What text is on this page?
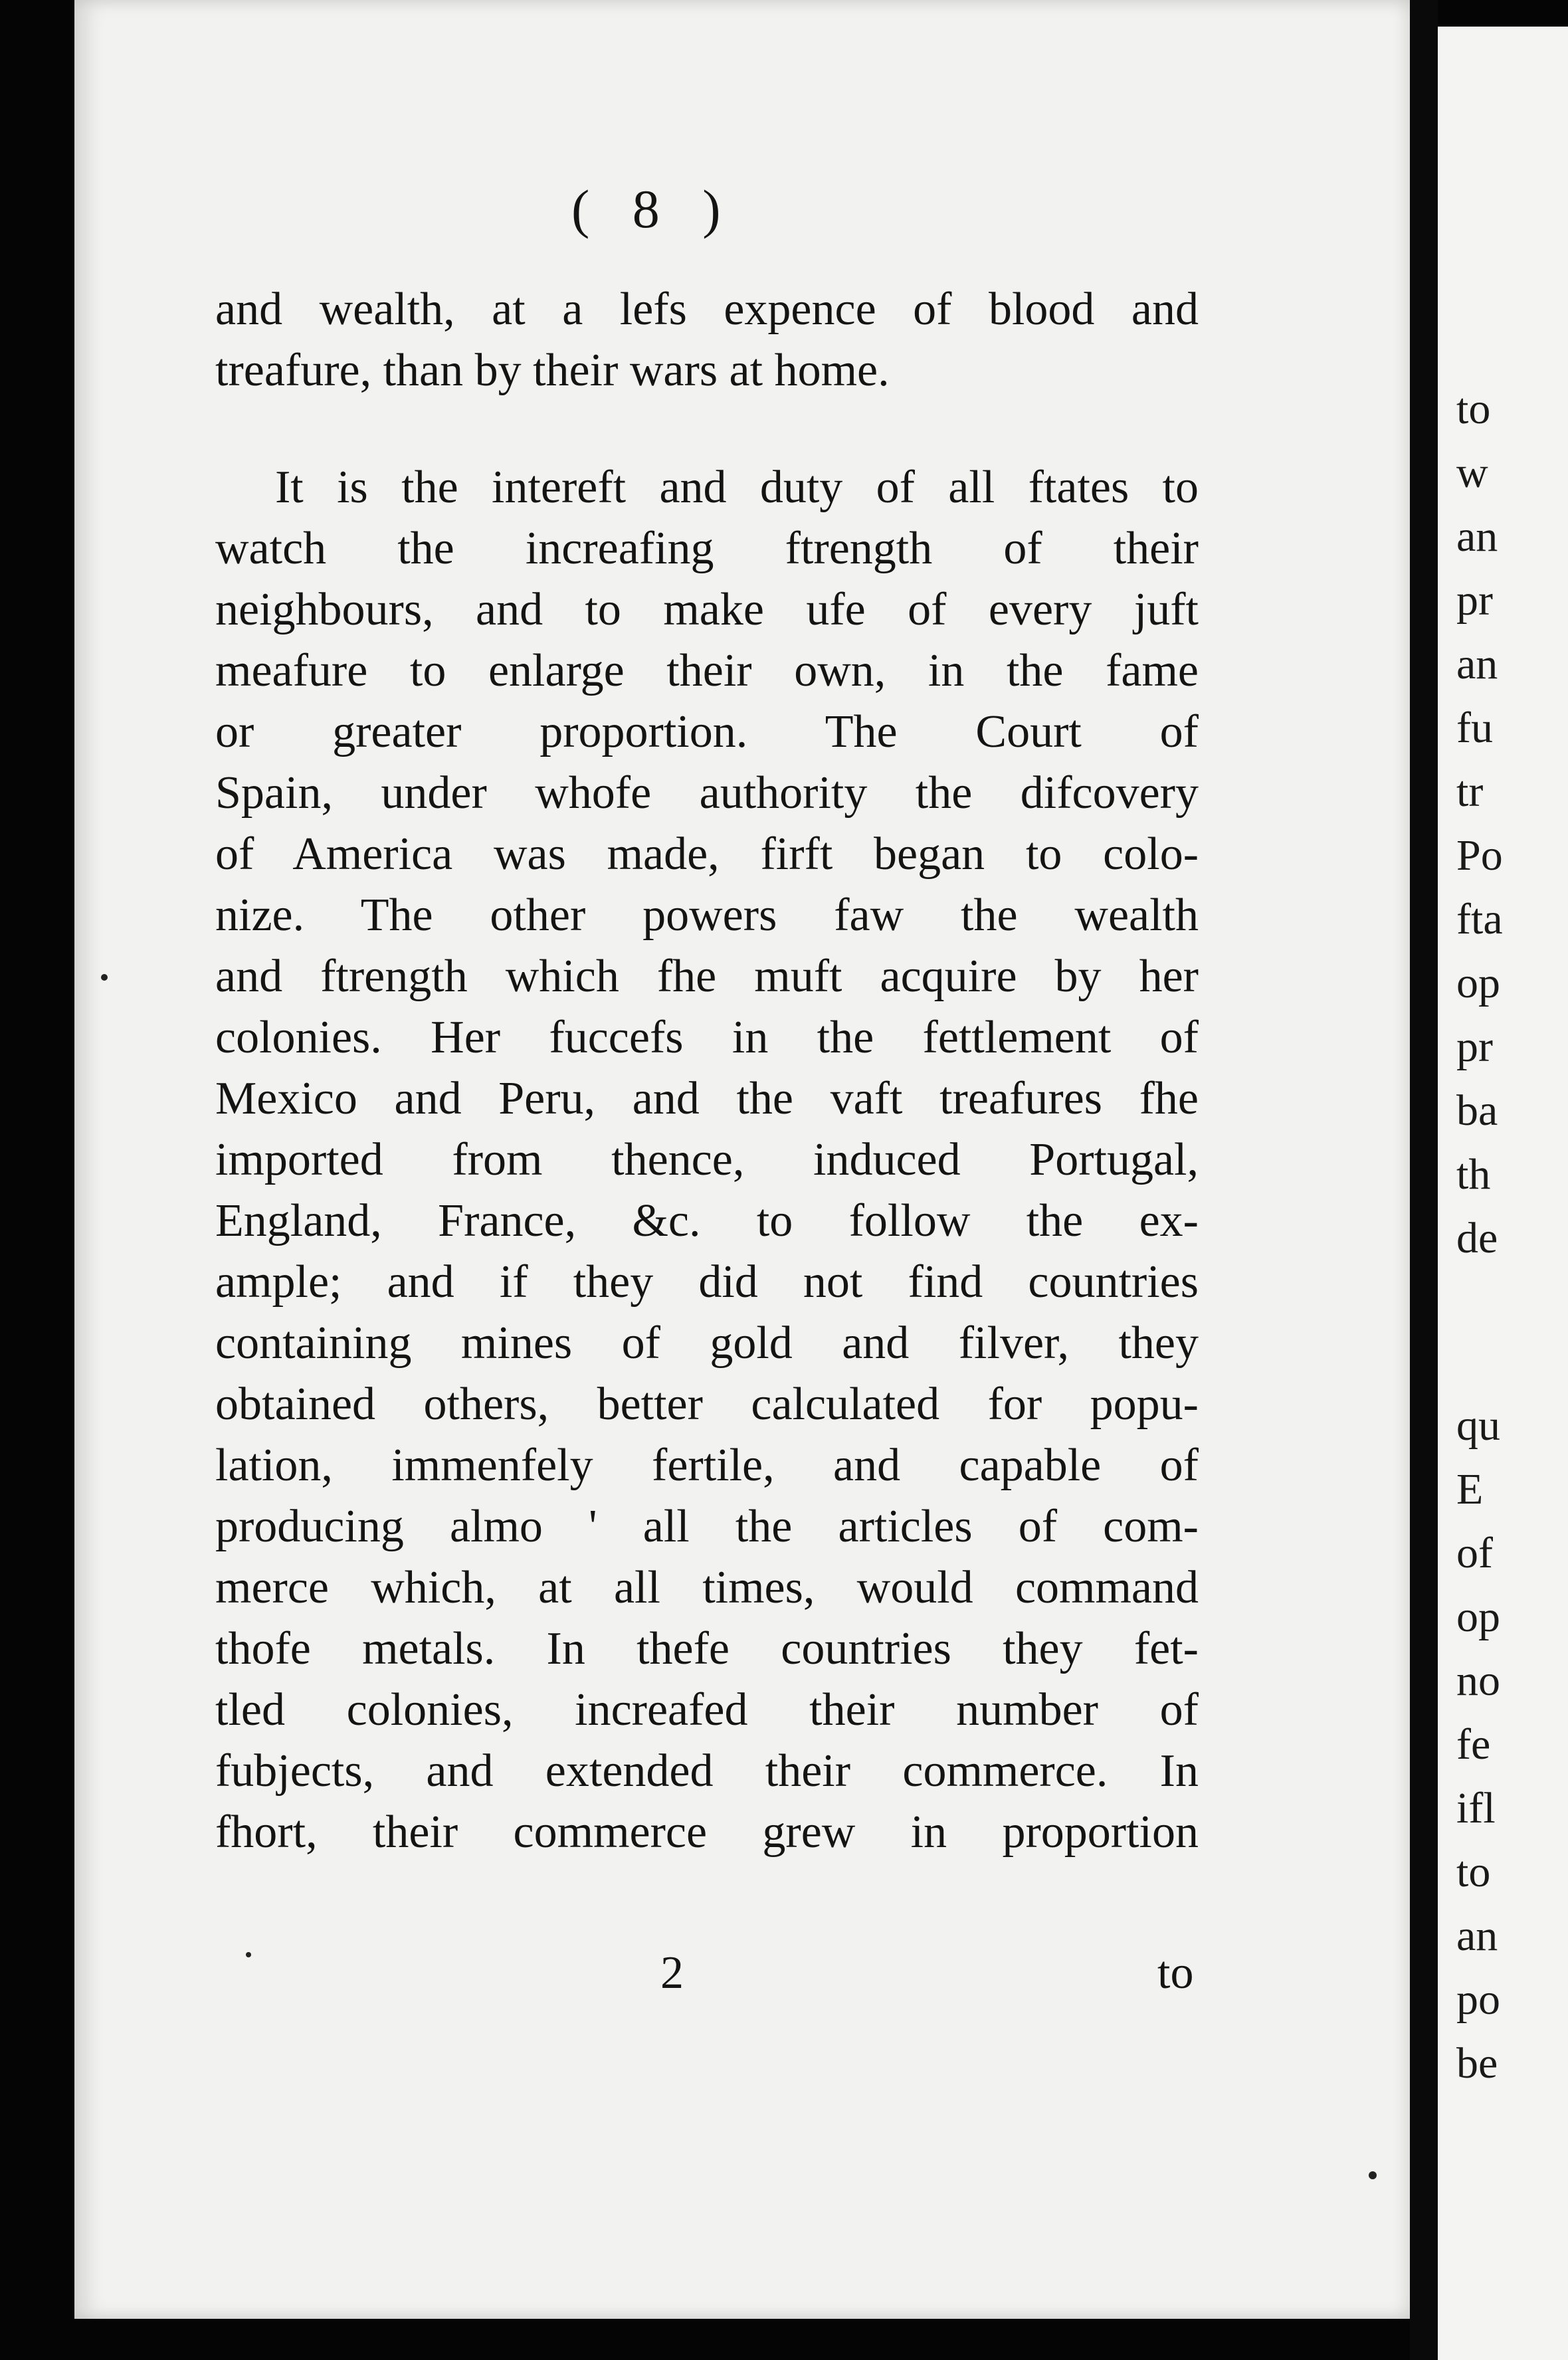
to
w
an
pr
an
fu
tr
Po
fta
op
pr
ba
th
de
qu
E
of
op
no
fe
ifl
to
an
po
be
( 8 )
and wealth, at a lefs expence of blood and
treafure, than by their wars at home.
It is the intereft and duty of all ftates to
watch the increafing ftrength of their
neighbours, and to make ufe of every juft
meafure to enlarge their own, in the fame
or greater proportion. The Court of
Spain, under whofe authority the difcovery
of America was made, firft began to colo-
nize. The other powers faw the wealth
and ftrength which fhe muft acquire by her
colonies. Her fuccefs in the fettlement of
Mexico and Peru, and the vaft treafures fhe
imported from thence, induced Portugal,
England, France, &c. to follow the ex-
ample; and if they did not find countries
containing mines of gold and filver, they
obtained others, better calculated for popu-
lation, immenfely fertile, and capable of
producing almo ' all the articles of com-
merce which, at all times, would command
thofe metals. In thefe countries they fet-
tled colonies, increafed their number of
fubjects, and extended their commerce. In
fhort, their commerce grew in proportion
2	to
